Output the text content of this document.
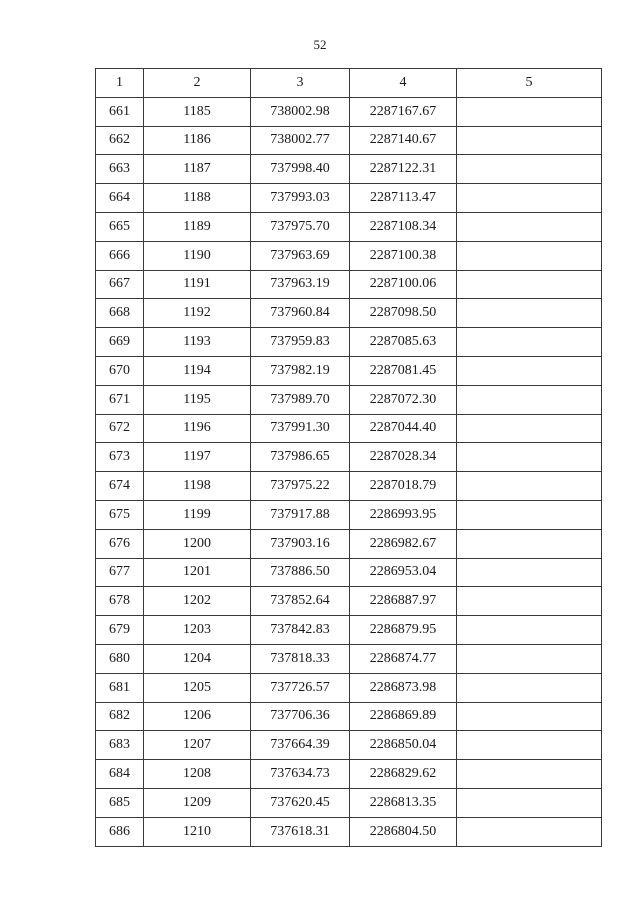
52
1	2	3	4	5
661	1185	738002.98	2287167.67	
662	1186	738002.77	2287140.67	
663	1187	737998.40	2287122.31	
664	1188	737993.03	2287113.47	
665	1189	737975.70	2287108.34	
666	1190	737963.69	2287100.38	
667	1191	737963.19	2287100.06	
668	1192	737960.84	2287098.50	
669	1193	737959.83	2287085.63	
670	1194	737982.19	2287081.45	
671	1195	737989.70	2287072.30	
672	1196	737991.30	2287044.40	
673	1197	737986.65	2287028.34	
674	1198	737975.22	2287018.79	
675	1199	737917.88	2286993.95	
676	1200	737903.16	2286982.67	
677	1201	737886.50	2286953.04	
678	1202	737852.64	2286887.97	
679	1203	737842.83	2286879.95	
680	1204	737818.33	2286874.77	
681	1205	737726.57	2286873.98	
682	1206	737706.36	2286869.89	
683	1207	737664.39	2286850.04	
684	1208	737634.73	2286829.62	
685	1209	737620.45	2286813.35	
686	1210	737618.31	2286804.50	
